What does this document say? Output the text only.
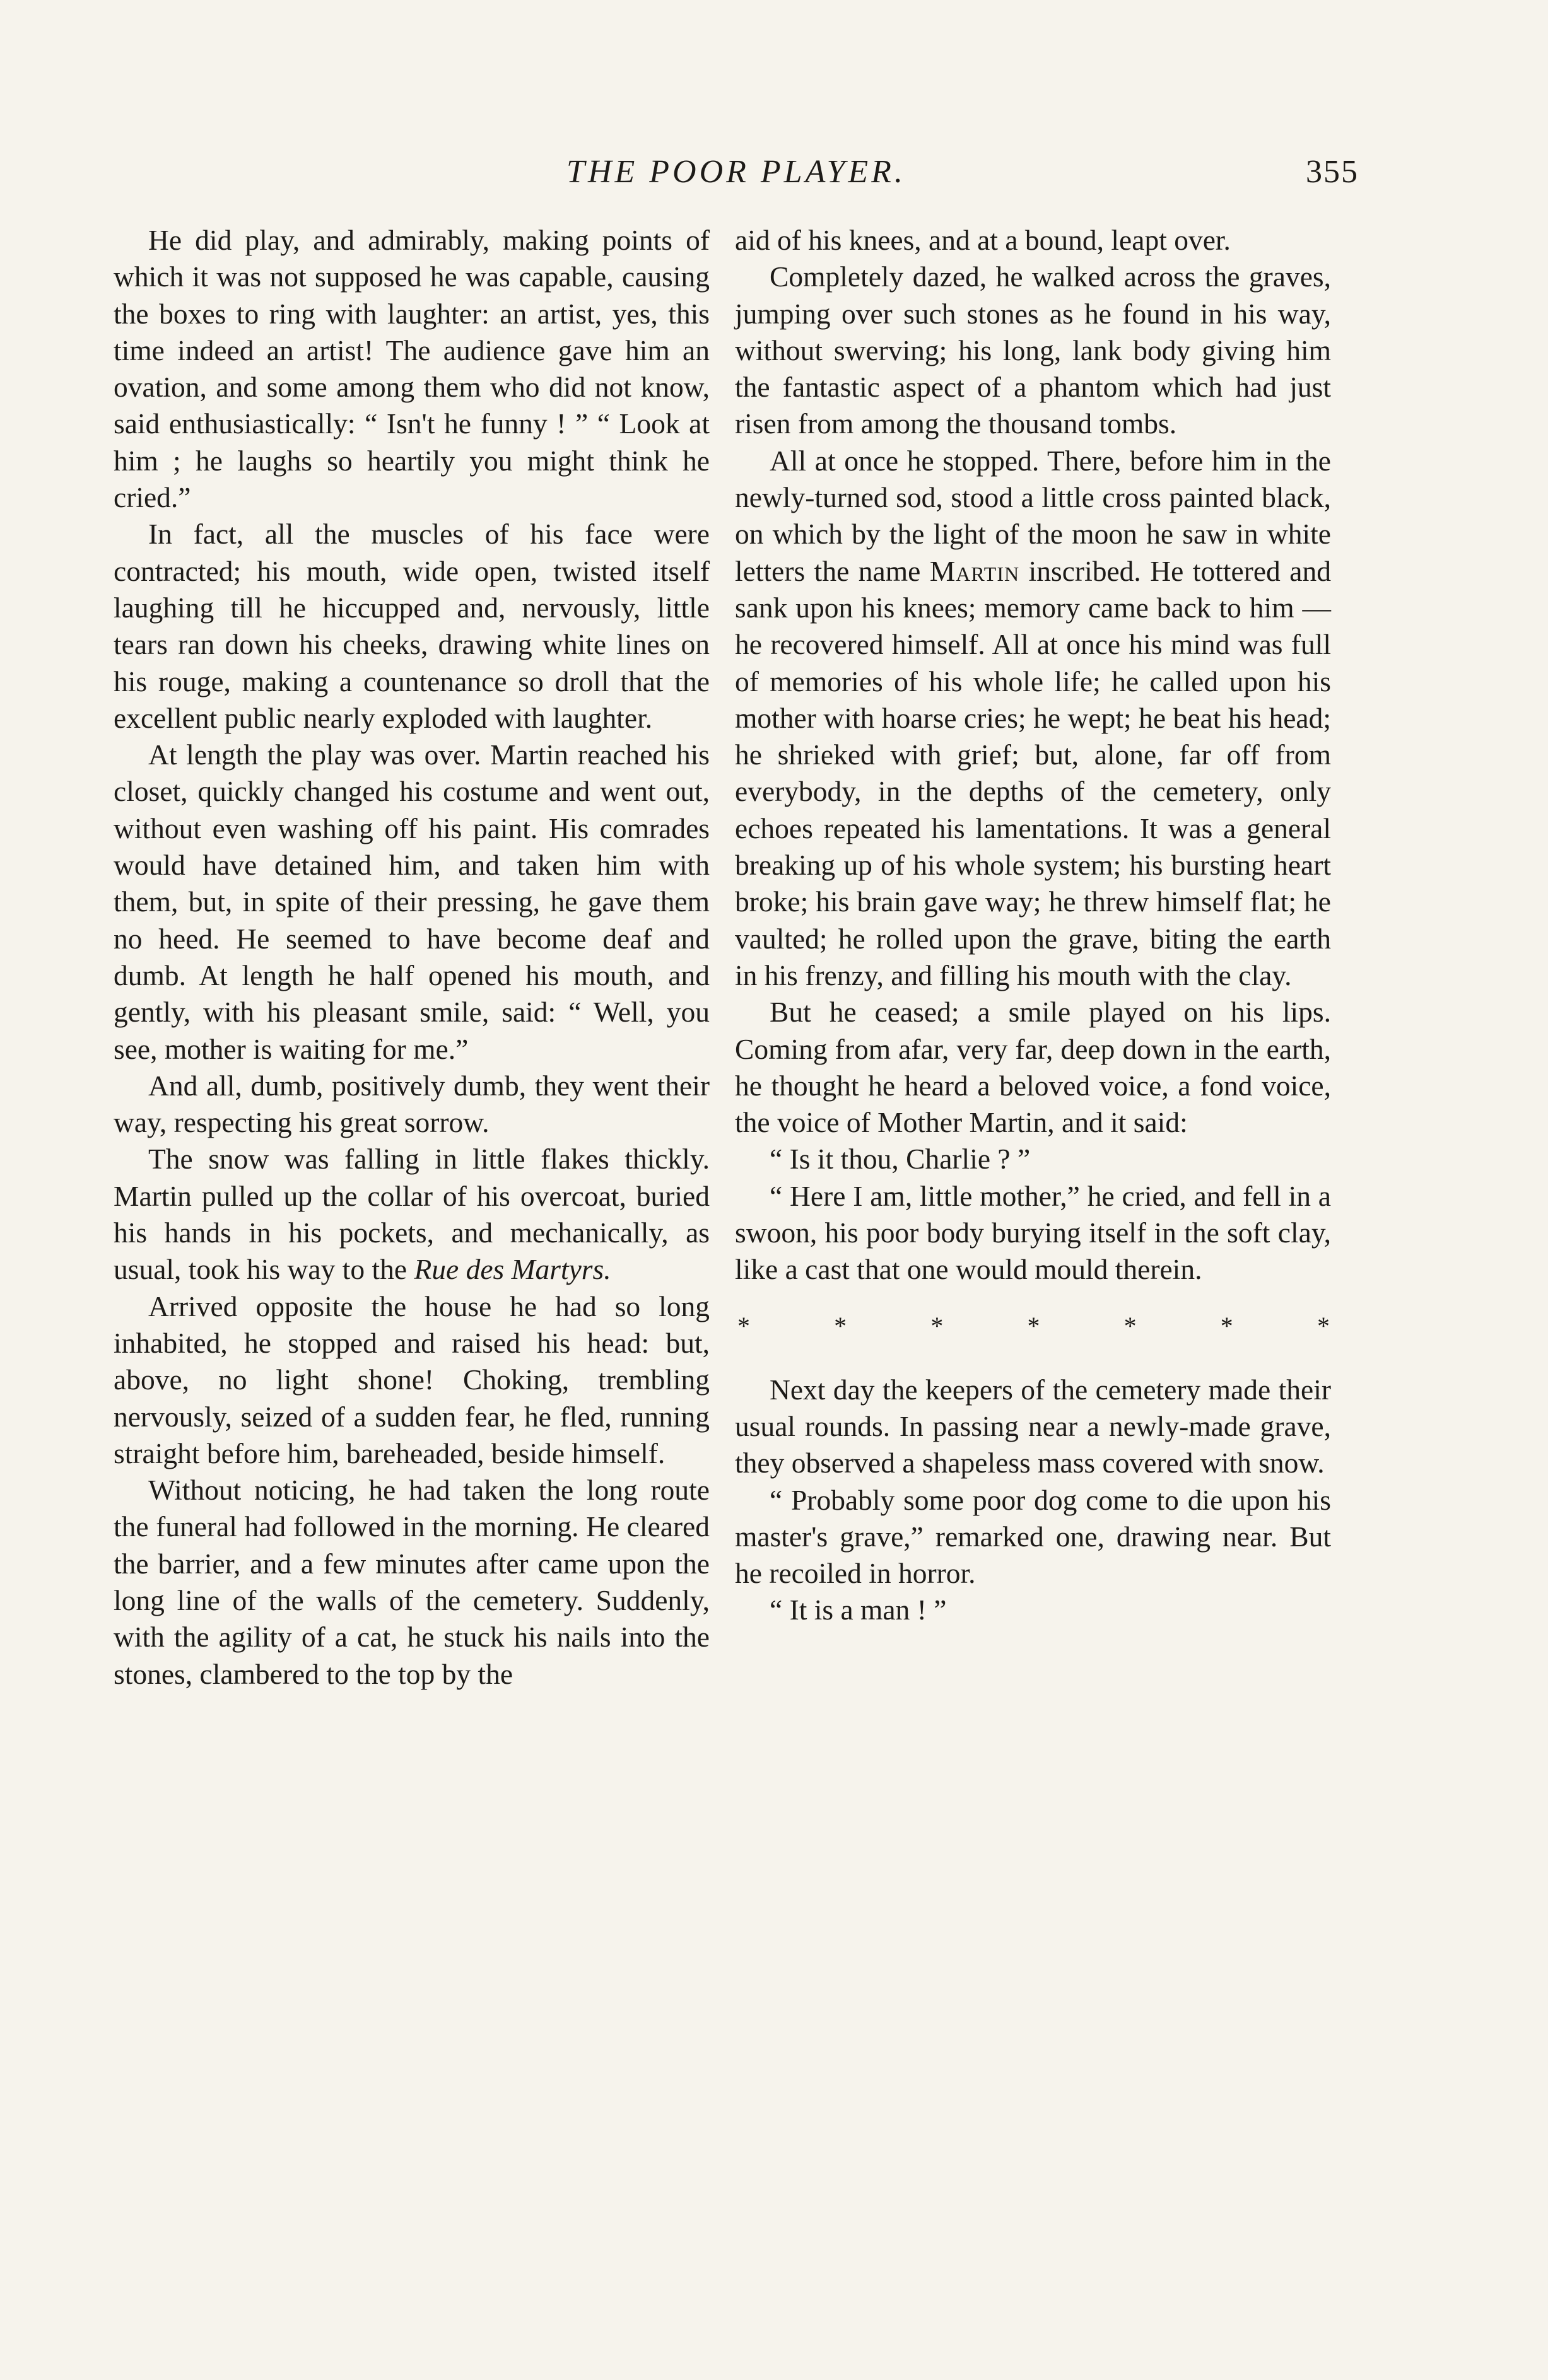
THE POOR PLAYER.	355

He did play, and admirably, making points of which it was not supposed he was capable, causing the boxes to ring with laughter: an artist, yes, this time indeed an artist! The audience gave him an ovation, and some among them who did not know, said enthusiastically: “ Isn't he funny ! ” “ Look at him ; he laughs so heartily you might think he cried.”

In fact, all the muscles of his face were contracted; his mouth, wide open, twisted itself laughing till he hiccupped and, nervously, little tears ran down his cheeks, drawing white lines on his rouge, making a countenance so droll that the excellent public nearly exploded with laughter.

At length the play was over. Martin reached his closet, quickly changed his costume and went out, without even washing off his paint. His comrades would have detained him, and taken him with them, but, in spite of their pressing, he gave them no heed. He seemed to have become deaf and dumb. At length he half opened his mouth, and gently, with his pleasant smile, said: “ Well, you see, mother is waiting for me.”

And all, dumb, positively dumb, they went their way, respecting his great sorrow.

The snow was falling in little flakes thickly. Martin pulled up the collar of his overcoat, buried his hands in his pockets, and mechanically, as usual, took his way to the Rue des Martyrs.

Arrived opposite the house he had so long inhabited, he stopped and raised his head: but, above, no light shone! Choking, trembling nervously, seized of a sudden fear, he fled, running straight before him, bareheaded, beside himself.

Without noticing, he had taken the long route the funeral had followed in the morning. He cleared the barrier, and a few minutes after came upon the long line of the walls of the cemetery. Suddenly, with the agility of a cat, he stuck his nails into the stones, clambered to the top by the

aid of his knees, and at a bound, leapt over.

Completely dazed, he walked across the graves, jumping over such stones as he found in his way, without swerving; his long, lank body giving him the fantastic aspect of a phantom which had just risen from among the thousand tombs.

All at once he stopped. There, before him in the newly-turned sod, stood a little cross painted black, on which by the light of the moon he saw in white letters the name Martin inscribed. He tottered and sank upon his knees; memory came back to him —he recovered himself. All at once his mind was full of memories of his whole life; he called upon his mother with hoarse cries; he wept; he beat his head; he shrieked with grief; but, alone, far off from everybody, in the depths of the cemetery, only echoes repeated his lamentations. It was a general breaking up of his whole system; his bursting heart broke; his brain gave way; he threw himself flat; he vaulted; he rolled upon the grave, biting the earth in his frenzy, and filling his mouth with the clay.

But he ceased; a smile played on his lips. Coming from afar, very far, deep down in the earth, he thought he heard a beloved voice, a fond voice, the voice of Mother Martin, and it said:

“ Is it thou, Charlie ? ”

“ Here I am, little mother,” he cried, and fell in a swoon, his poor body burying itself in the soft clay, like a cast that one would mould therein.

*	*	*	*	*	*	*

Next day the keepers of the cemetery made their usual rounds. In passing near a newly-made grave, they observed a shapeless mass covered with snow.

“ Probably some poor dog come to die upon his master's grave,” remarked one, drawing near. But he recoiled in horror.

“ It is a man ! ”
